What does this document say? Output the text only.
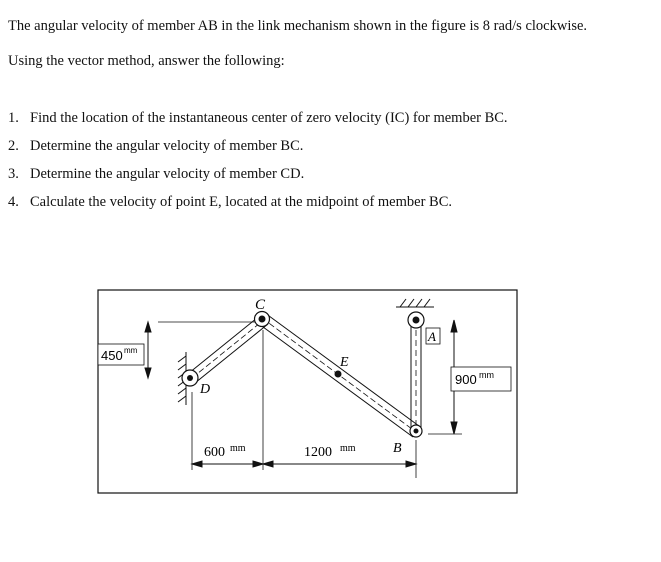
The angular velocity of member AB in the link mechanism shown in the figure is 8 rad/s clockwise.
Using the vector method, answer the following:
1. Find the location of the instantaneous center of zero velocity (IC) for member BC.
2. Determine the angular velocity of member BC.
3. Determine the angular velocity of member CD.
4. Calculate the velocity of point E, located at the midpoint of member BC.
C
D
E
A
B
450 mm
900 mm
600 mm	1200 mm
